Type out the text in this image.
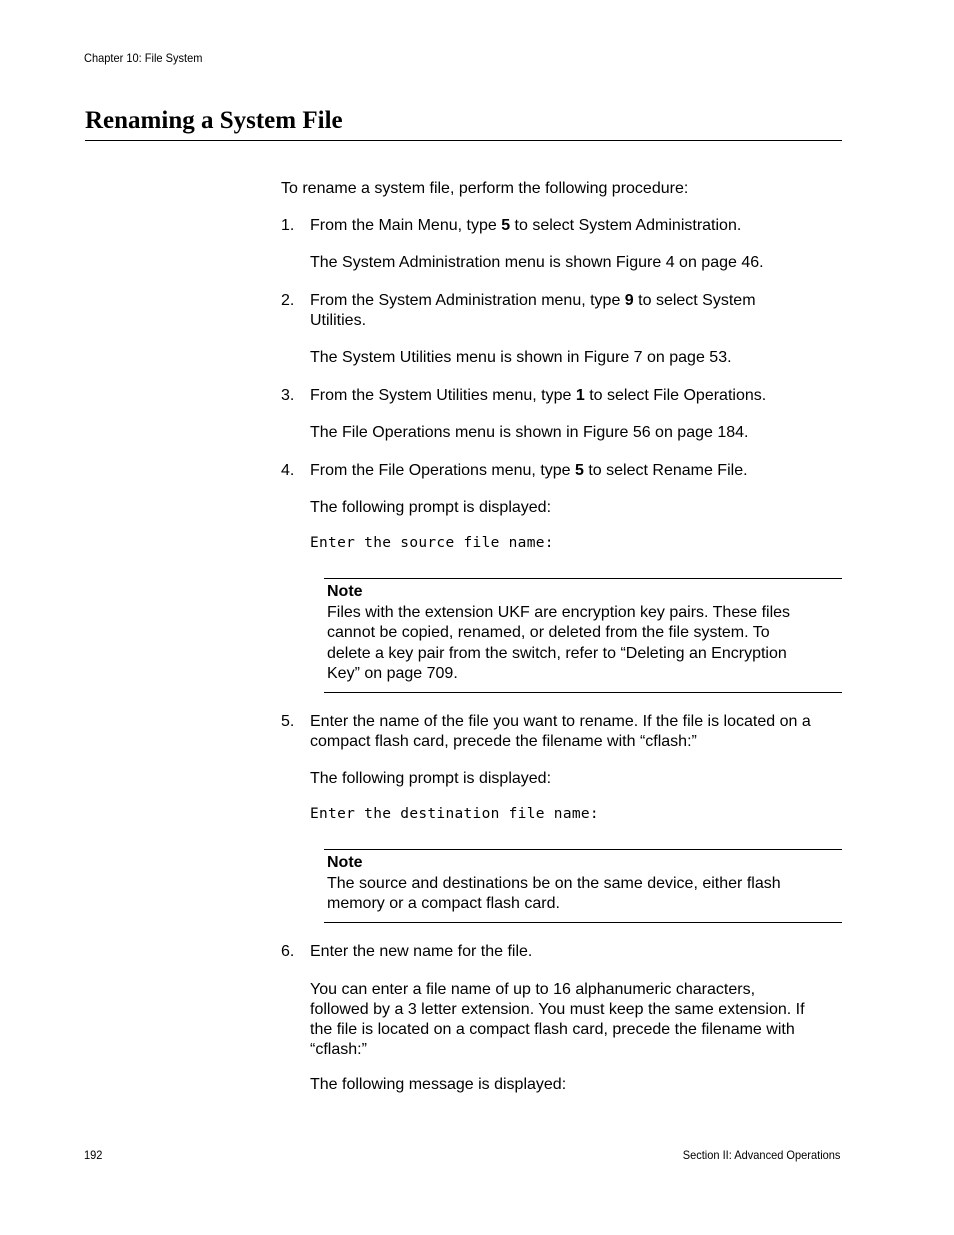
Chapter 10: File System
Renaming a System File
To rename a system file, perform the following procedure:
1. From the Main Menu, type 5 to select System Administration.
The System Administration menu is shown Figure 4 on page 46.
2. From the System Administration menu, type 9 to select System
Utilities.
The System Utilities menu is shown in Figure 7 on page 53.
3. From the System Utilities menu, type 1 to select File Operations.
The File Operations menu is shown in Figure 56 on page 184.
4. From the File Operations menu, type 5 to select Rename File.
The following prompt is displayed:
Enter the source file name:
Note
Files with the extension UKF are encryption key pairs. These files
cannot be copied, renamed, or deleted from the file system. To
delete a key pair from the switch, refer to “Deleting an Encryption
Key” on page 709.
5. Enter the name of the file you want to rename. If the file is located on a
compact flash card, precede the filename with “cflash:”
The following prompt is displayed:
Enter the destination file name:
Note
The source and destinations be on the same device, either flash
memory or a compact flash card.
6. Enter the new name for the file.
You can enter a file name of up to 16 alphanumeric characters,
followed by a 3 letter extension. You must keep the same extension. If
the file is located on a compact flash card, precede the filename with
“cflash:”
The following message is displayed:
192	Section II: Advanced Operations
